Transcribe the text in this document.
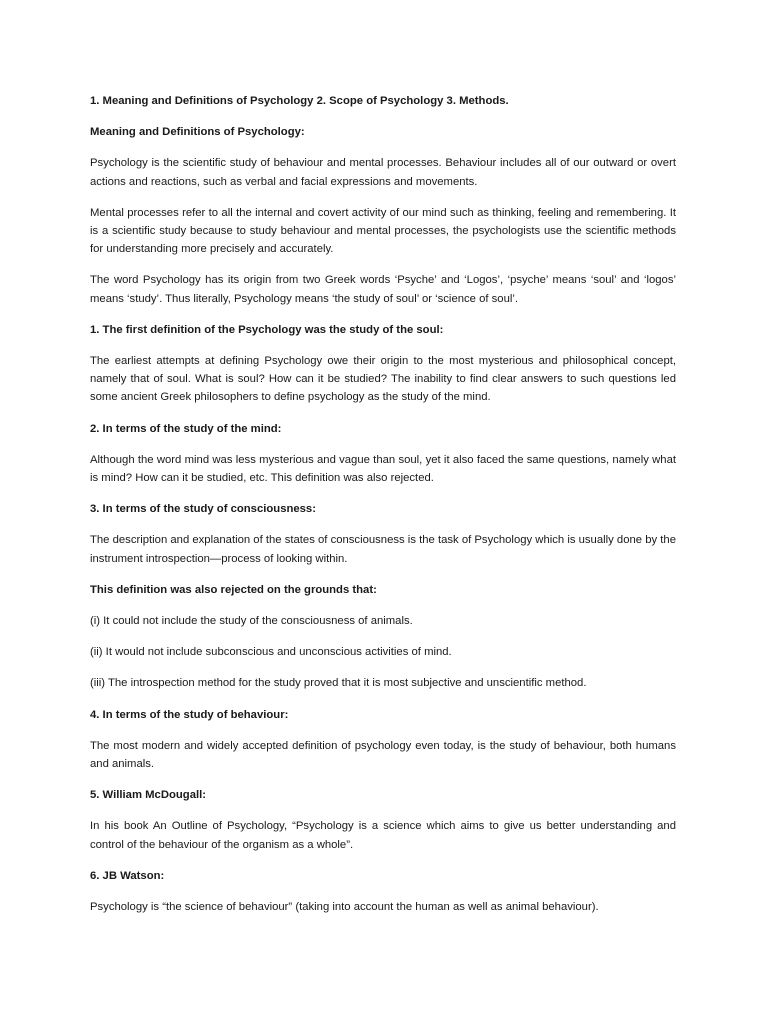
1. Meaning and Definitions of Psychology 2. Scope of Psychology 3. Methods.

Meaning and Definitions of Psychology:

Psychology is the scientific study of behaviour and mental processes. Behaviour includes all of our outward or overt actions and reactions, such as verbal and facial expressions and movements.

Mental processes refer to all the internal and covert activity of our mind such as thinking, feeling and remembering. It is a scientific study because to study behaviour and mental processes, the psychologists use the scientific methods for understanding more precisely and accurately.

The word Psychology has its origin from two Greek words ‘Psyche’ and ‘Logos’, ‘psyche’ means ‘soul’ and ‘logos’ means ‘study’. Thus literally, Psychology means ‘the study of soul’ or ‘science of soul’.

1. The first definition of the Psychology was the study of the soul:

The earliest attempts at defining Psychology owe their origin to the most mysterious and philosophical concept, namely that of soul. What is soul? How can it be studied? The inability to find clear answers to such questions led some ancient Greek philosophers to define psychology as the study of the mind.

2. In terms of the study of the mind:

Although the word mind was less mysterious and vague than soul, yet it also faced the same questions, namely what is mind? How can it be studied, etc. This definition was also rejected.

3. In terms of the study of consciousness:

The description and explanation of the states of consciousness is the task of Psychology which is usually done by the instrument introspection—process of looking within.

This definition was also rejected on the grounds that:

(i) It could not include the study of the consciousness of animals.

(ii) It would not include subconscious and unconscious activities of mind.

(iii) The introspection method for the study proved that it is most subjective and unscientific method.

4. In terms of the study of behaviour:

The most modern and widely accepted definition of psychology even today, is the study of behaviour, both humans and animals.

5. William McDougall:

In his book An Outline of Psychology, “Psychology is a science which aims to give us better understanding and control of the behaviour of the organism as a whole”.

6. JB Watson:

Psychology is “the science of behaviour” (taking into account the human as well as animal behaviour).
